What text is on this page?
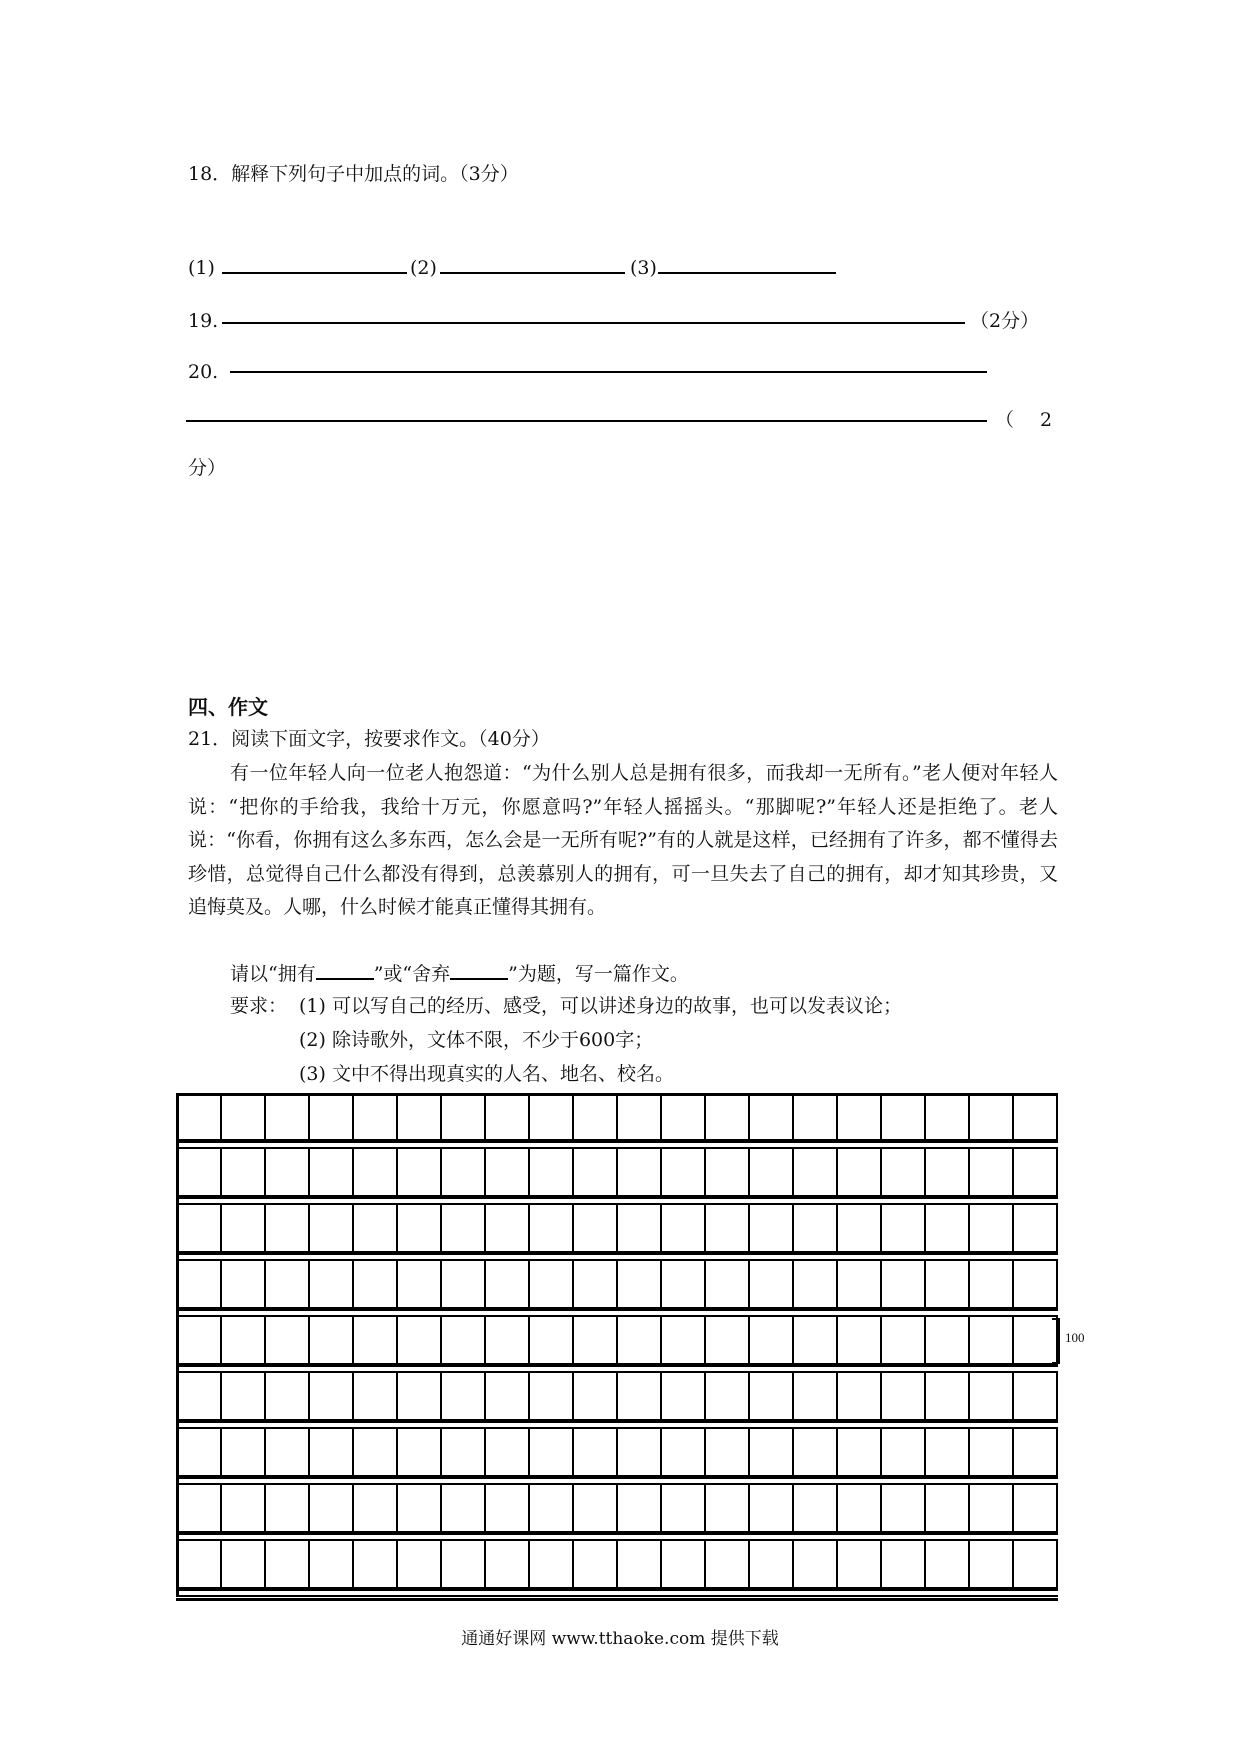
18．解释下列句子中加点的词。（3分）
(1)	(2)	(3)
19.	（2分）
20.
（ 2
分）
四、作文
21．阅读下面文字，按要求作文。（40分）
有一位年轻人向一位老人抱怨道：“为什么别人总是拥有很多，而我却一无所有。”老人便对年轻人说：“把你的手给我，我给十万元，你愿意吗?”年轻人摇摇头。“那脚呢?”年轻人还是拒绝了。老人说：“你看，你拥有这么多东西，怎么会是一无所有呢?”有的人就是这样，已经拥有了许多，都不懂得去珍惜，总觉得自己什么都没有得到，总羡慕别人的拥有，可一旦失去了自己的拥有，却才知其珍贵，又追悔莫及。人哪，什么时候才能真正懂得其拥有。
请以“拥有	”或“舍弃	”为题，写一篇作文。
要求： (1) 可以写自己的经历、感受，可以讲述身边的故事，也可以发表议论；
(2) 除诗歌外，文体不限，不少于600字；
(3) 文中不得出现真实的人名、地名、校名。
100
通通好课网 www.tthaoke.com 提供下载
